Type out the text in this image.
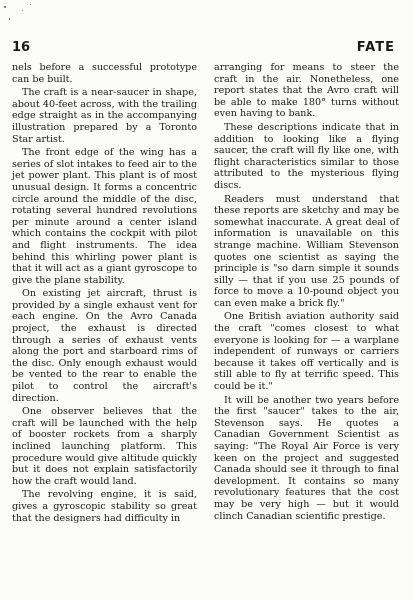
16	FATE

nels before a successful prototype can be built.

The craft is a near-saucer in shape, about 40-feet across, with the trailing edge straight as in the accompanying illustration prepared by a Toronto Star artist.

The front edge of the wing has a series of slot intakes to feed air to the jet power plant. This plant is of most unusual design. It forms a concentric circle around the middle of the disc, rotating several hundred revolutions per minute around a center island which contains the cockpit with pilot and flight instruments. The idea behind this whirling power plant is that it will act as a giant gyroscope to give the plane stability.

On existing jet aircraft, thrust is provided by a single exhaust vent for each engine. On the Avro Canada project, the exhaust is directed through a series of exhaust vents along the port and starboard rims of the disc. Only enough exhaust would be vented to the rear to enable the pilot to control the aircraft's direction.

One observer believes that the craft will be launched with the help of booster rockets from a sharply inclined launching platform. This procedure would give altitude quickly but it does not explain satisfactorily how the craft would land.

The revolving engine, it is said, gives a gyroscopic stability so great that the designers had difficulty in

arranging for means to steer the craft in the air. Nonetheless, one report states that the Avro craft will be able to make 180° turns without even having to bank.

These descriptions indicate that in addition to looking like a flying saucer, the craft will fly like one, with flight characteristics similar to those attributed to the mysterious flying discs.

Readers must understand that these reports are sketchy and may be somewhat inaccurate. A great deal of information is unavailable on this strange machine. William Stevenson quotes one scientist as saying the principle is "so darn simple it sounds silly — that if you use 25 pounds of force to move a 10-pound object you can even make a brick fly."

One British aviation authority said the craft "comes closest to what everyone is looking for — a warplane independent of runways or carriers because it takes off vertically and is still able to fly at terrific speed. This could be it."

It will be another two years before the first "saucer" takes to the air, Stevenson says. He quotes a Canadian Government Scientist as saying: "The Royal Air Force is very keen on the project and suggested Canada should see it through to final development. It contains so many revolutionary features that the cost may be very high — but it would clinch Canadian scientific prestige.
